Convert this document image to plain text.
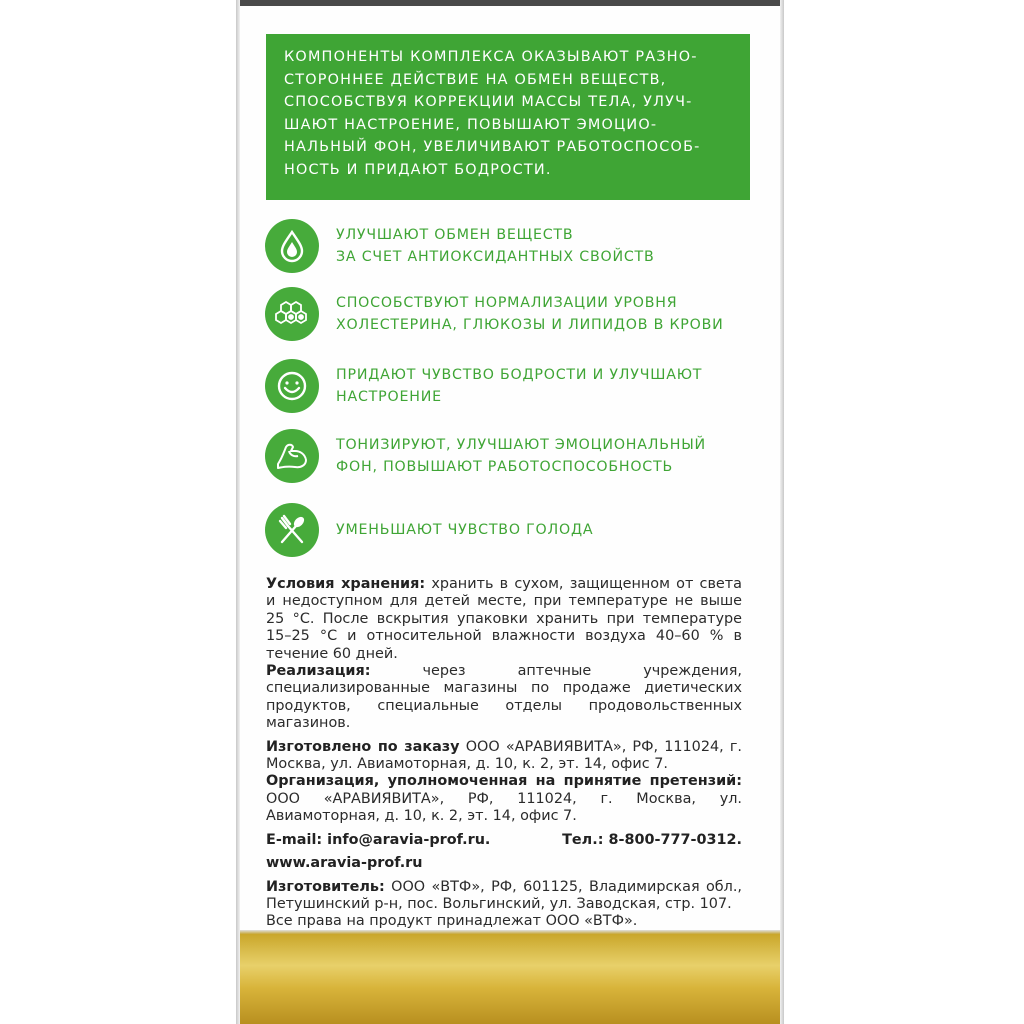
КОМПОНЕНТЫ КОМПЛЕКСА ОКАЗЫВАЮТ РАЗНО-
СТОРОННЕЕ ДЕЙСТВИЕ НА ОБМЕН ВЕЩЕСТВ,
СПОСОБСТВУЯ КОРРЕКЦИИ МАССЫ ТЕЛА, УЛУЧ-
ШАЮТ НАСТРОЕНИЕ, ПОВЫШАЮТ ЭМОЦИО-
НАЛЬНЫЙ ФОН, УВЕЛИЧИВАЮТ РАБОТОСПОСОБ-
НОСТЬ И ПРИДАЮТ БОДРОСТИ.

УЛУЧШАЮТ ОБМЕН ВЕЩЕСТВ
ЗА СЧЕТ АНТИОКСИДАНТНЫХ СВОЙСТВ
СПОСОБСТВУЮТ НОРМАЛИЗАЦИИ УРОВНЯ
ХОЛЕСТЕРИНА, ГЛЮКОЗЫ И ЛИПИДОВ В КРОВИ
ПРИДАЮТ ЧУВСТВО БОДРОСТИ И УЛУЧШАЮТ
НАСТРОЕНИЕ
ТОНИЗИРУЮТ, УЛУЧШАЮТ ЭМОЦИОНАЛЬНЫЙ
ФОН, ПОВЫШАЮТ РАБОТОСПОСОБНОСТЬ
УМЕНЬШАЮТ ЧУВСТВО ГОЛОДА

Условия хранения: хранить в сухом, защищенном от света и недоступном для детей месте, при температуре не выше 25 °C. После вскрытия упаковки хранить при температуре 15–25 °C и относительной влажности воздуха 40–60 % в течение 60 дней.

Реализация: через аптечные учреждения, специализированные магазины по продаже диетических продуктов, специальные отделы продовольственных магазинов.

Изготовлено по заказу ООО «АРАВИЯВИТА», РФ, 111024, г. Москва, ул. Авиамоторная, д. 10, к. 2, эт. 14, офис 7.

Организация, уполномоченная на принятие претензий: ООО «АРАВИЯВИТА», РФ, 111024, г. Москва, ул. Авиамоторная, д. 10, к. 2, эт. 14, офис 7.

E-mail: info@aravia-prof.ru.	Тел.: 8-800-777-0312.

www.aravia-prof.ru

Изготовитель: ООО «ВТФ», РФ, 601125, Владимирская обл., Петушинский р-н, пос. Вольгинский, ул. Заводская, стр. 107.

Все права на продукт принадлежат ООО «ВТФ».
